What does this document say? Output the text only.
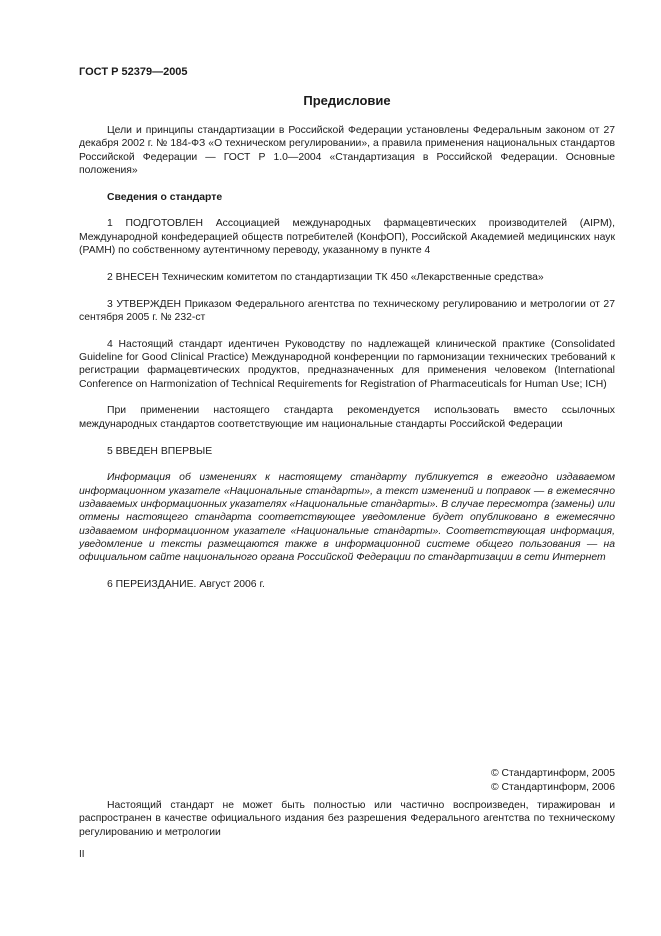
ГОСТ Р 52379—2005
Предисловие

Цели и принципы стандартизации в Российской Федерации установлены Федеральным законом от 27 декабря 2002 г. № 184-ФЗ «О техническом регулировании», а правила применения национальных стандартов Российской Федерации — ГОСТ Р 1.0—2004 «Стандартизация в Российской Федерации. Основные положения»

Сведения о стандарте

1 ПОДГОТОВЛЕН Ассоциацией международных фармацевтических производителей (AIPM), Международной конфедерацией обществ потребителей (КонфОП), Российской Академией медицинских наук (РАМН) по собственному аутентичному переводу, указанному в пункте 4

2 ВНЕСЕН Техническим комитетом по стандартизации ТК 450 «Лекарственные средства»

3 УТВЕРЖДЕН Приказом Федерального агентства по техническому регулированию и метрологии от 27 сентября 2005 г. № 232-ст

4 Настоящий стандарт идентичен Руководству по надлежащей клинической практике (Consolidated Guideline for Good Clinical Practice) Международной конференции по гармонизации технических требований к регистрации фармацевтических продуктов, предназначенных для применения человеком (International Conference on Harmonization of Technical Requirements for Registration of Pharmaceuticals for Human Use; ICH)

При применении настоящего стандарта рекомендуется использовать вместо ссылочных международных стандартов соответствующие им национальные стандарты Российской Федерации

5 ВВЕДЕН ВПЕРВЫЕ

Информация об изменениях к настоящему стандарту публикуется в ежегодно издаваемом информационном указателе «Национальные стандарты», а текст изменений и поправок — в ежемесячно издаваемых информационных указателях «Национальные стандарты». В случае пересмотра (замены) или отмены настоящего стандарта соответствующее уведомление будет опубликовано в ежемесячно издаваемом информационном указателе «Национальные стандарты». Соответствующая информация, уведомление и тексты размещаются также в информационной системе общего пользования — на официальном сайте национального органа Российской Федерации по стандартизации в сети Интернет

6 ПЕРЕИЗДАНИЕ. Август 2006 г.

© Стандартинформ, 2005
© Стандартинформ, 2006
Настоящий стандарт не может быть полностью или частично воспроизведен, тиражирован и распространен в качестве официального издания без разрешения Федерального агентства по техническому регулированию и метрологии
II
